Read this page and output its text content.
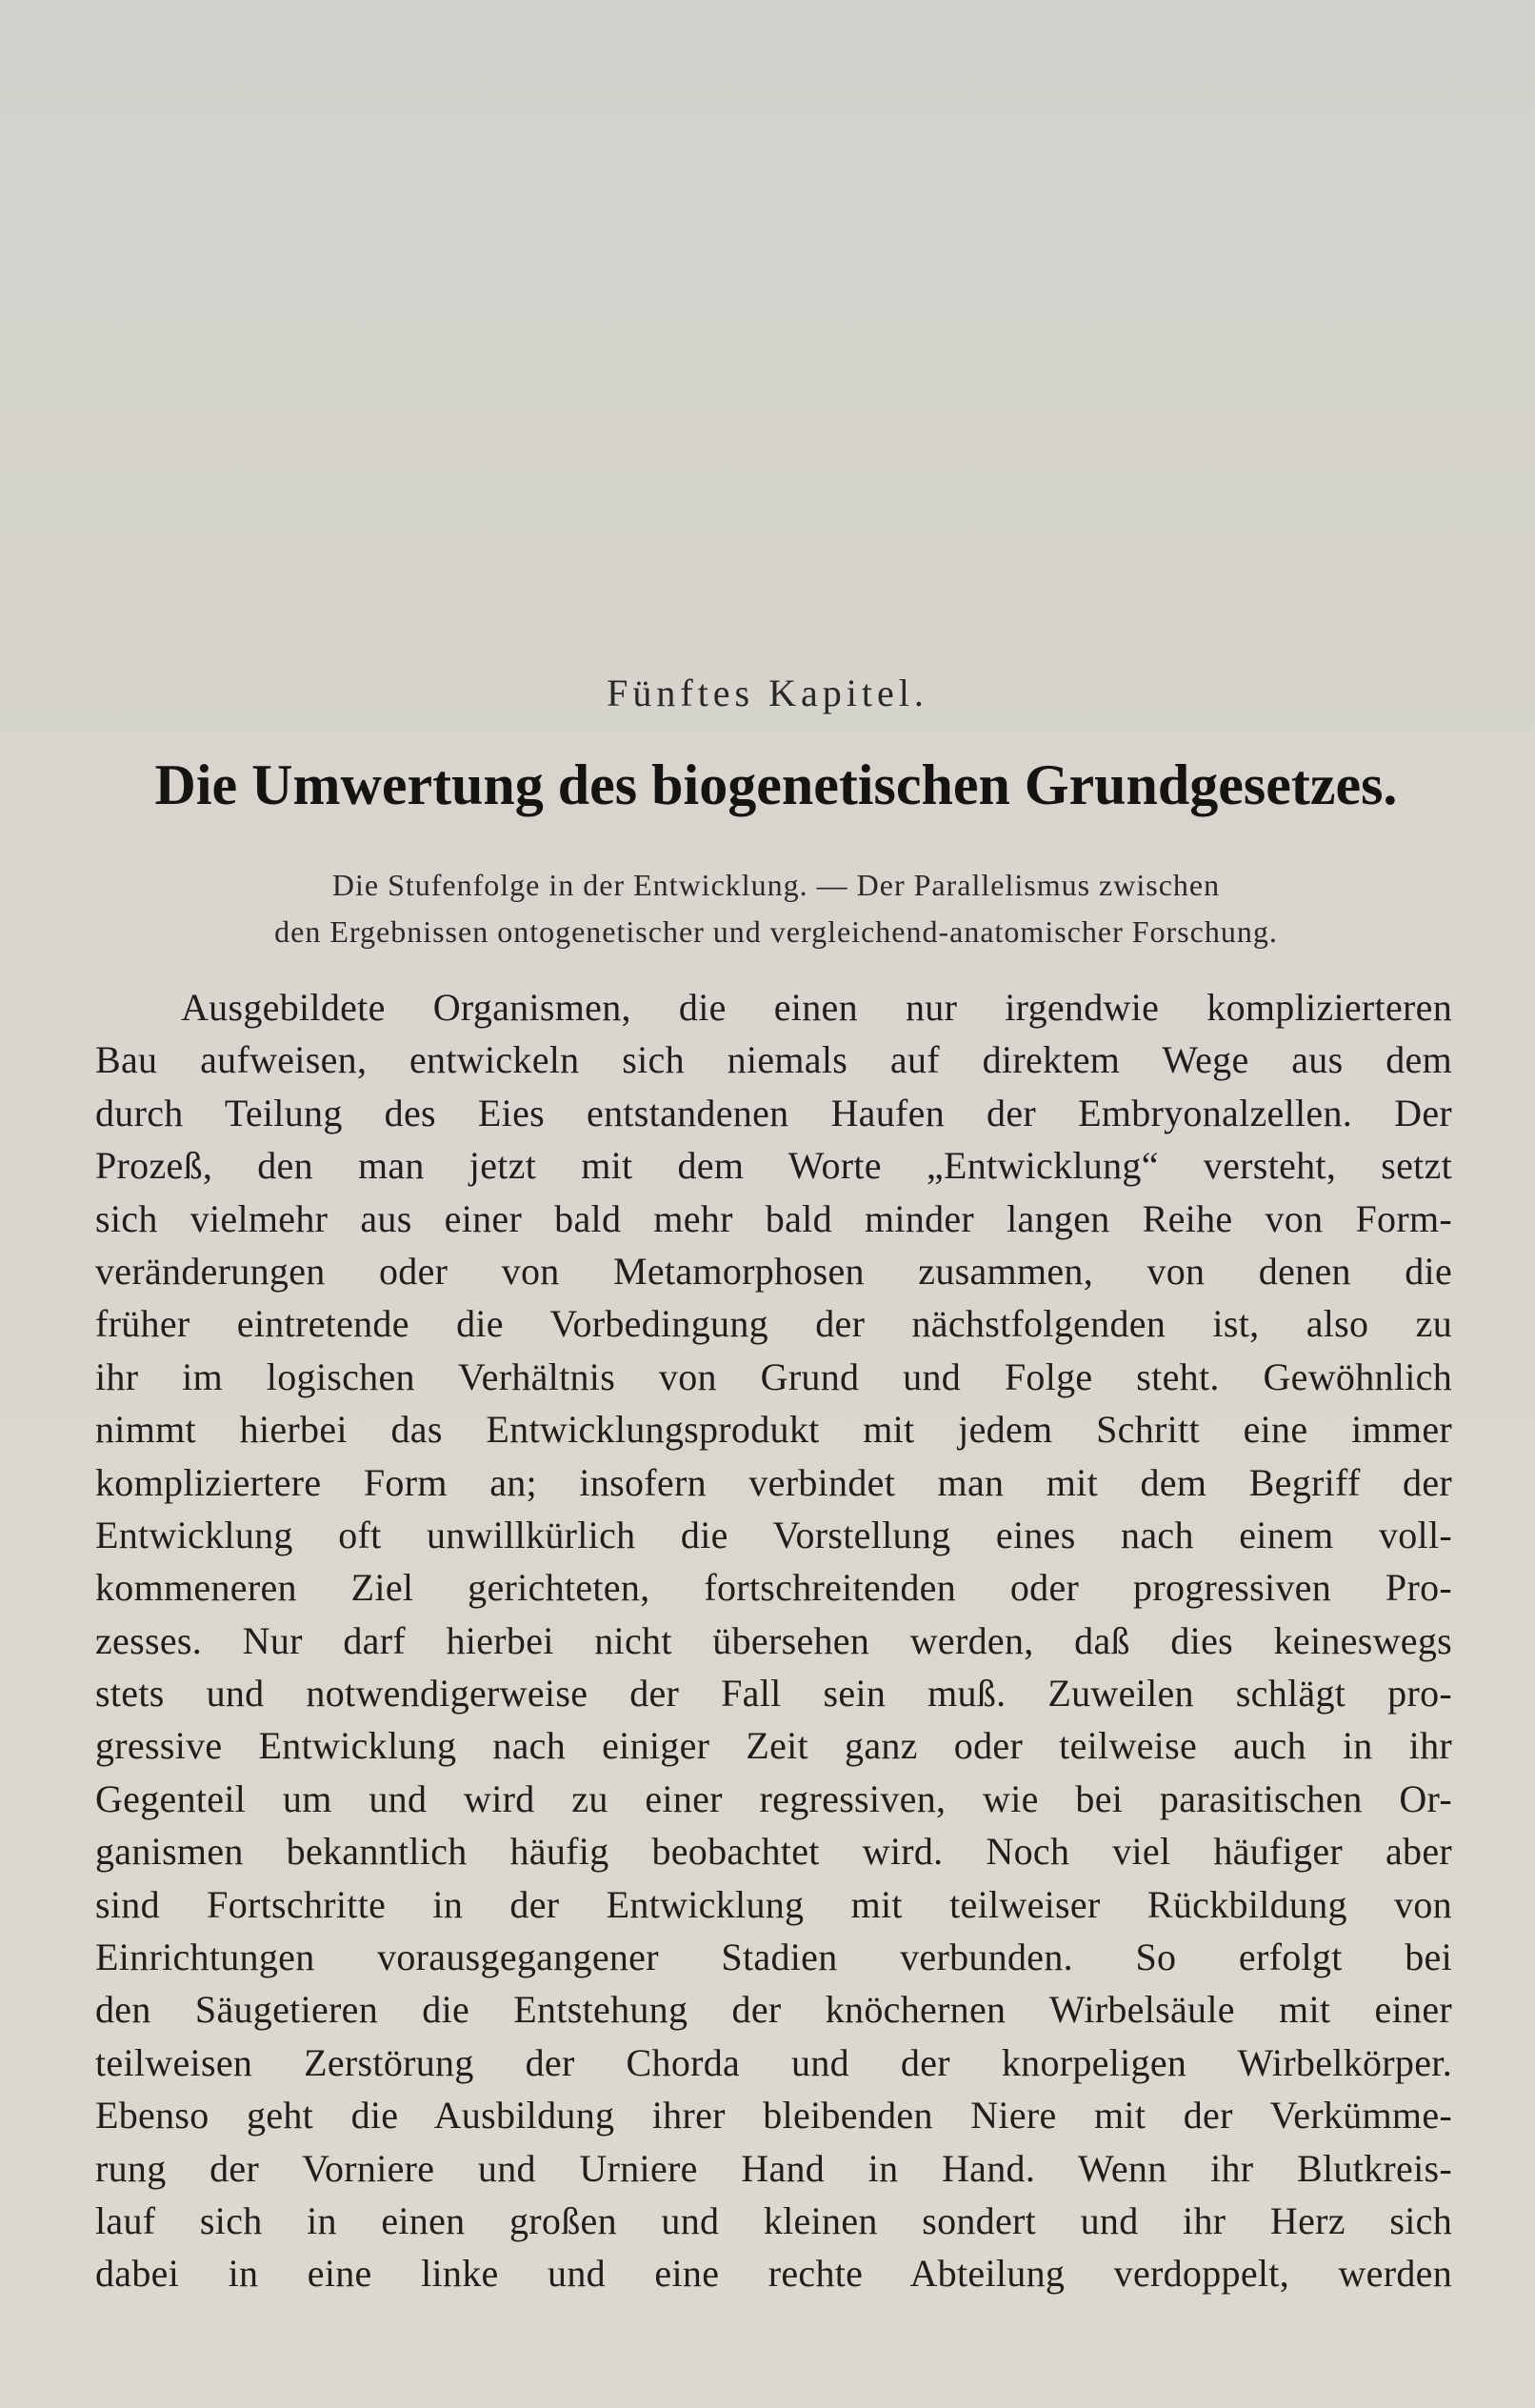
Fünftes Kapitel.
Die Umwertung des biogenetischen Grundgesetzes.
Die Stufenfolge in der Entwicklung. — Der Parallelismus zwischen
den Ergebnissen ontogenetischer und vergleichend-anatomischer Forschung.
Ausgebildete Organismen, die einen nur irgendwie komplizierteren
Bau aufweisen, entwickeln sich niemals auf direktem Wege aus dem
durch Teilung des Eies entstandenen Haufen der Embryonalzellen. Der
Prozeß, den man jetzt mit dem Worte „Entwicklung“ versteht, setzt
sich vielmehr aus einer bald mehr bald minder langen Reihe von Form-
veränderungen oder von Metamorphosen zusammen, von denen die
früher eintretende die Vorbedingung der nächstfolgenden ist, also zu
ihr im logischen Verhältnis von Grund und Folge steht. Gewöhnlich
nimmt hierbei das Entwicklungsprodukt mit jedem Schritt eine immer
kompliziertere Form an; insofern verbindet man mit dem Begriff der
Entwicklung oft unwillkürlich die Vorstellung eines nach einem voll-
kommeneren Ziel gerichteten, fortschreitenden oder progressiven Pro-
zesses. Nur darf hierbei nicht übersehen werden, daß dies keineswegs
stets und notwendigerweise der Fall sein muß. Zuweilen schlägt pro-
gressive Entwicklung nach einiger Zeit ganz oder teilweise auch in ihr
Gegenteil um und wird zu einer regressiven, wie bei parasitischen Or-
ganismen bekanntlich häufig beobachtet wird. Noch viel häufiger aber
sind Fortschritte in der Entwicklung mit teilweiser Rückbildung von
Einrichtungen vorausgegangener Stadien verbunden. So erfolgt bei
den Säugetieren die Entstehung der knöchernen Wirbelsäule mit einer
teilweisen Zerstörung der Chorda und der knorpeligen Wirbelkörper.
Ebenso geht die Ausbildung ihrer bleibenden Niere mit der Verkümme-
rung der Vorniere und Urniere Hand in Hand. Wenn ihr Blutkreis-
lauf sich in einen großen und kleinen sondert und ihr Herz sich
dabei in eine linke und eine rechte Abteilung verdoppelt, werden
